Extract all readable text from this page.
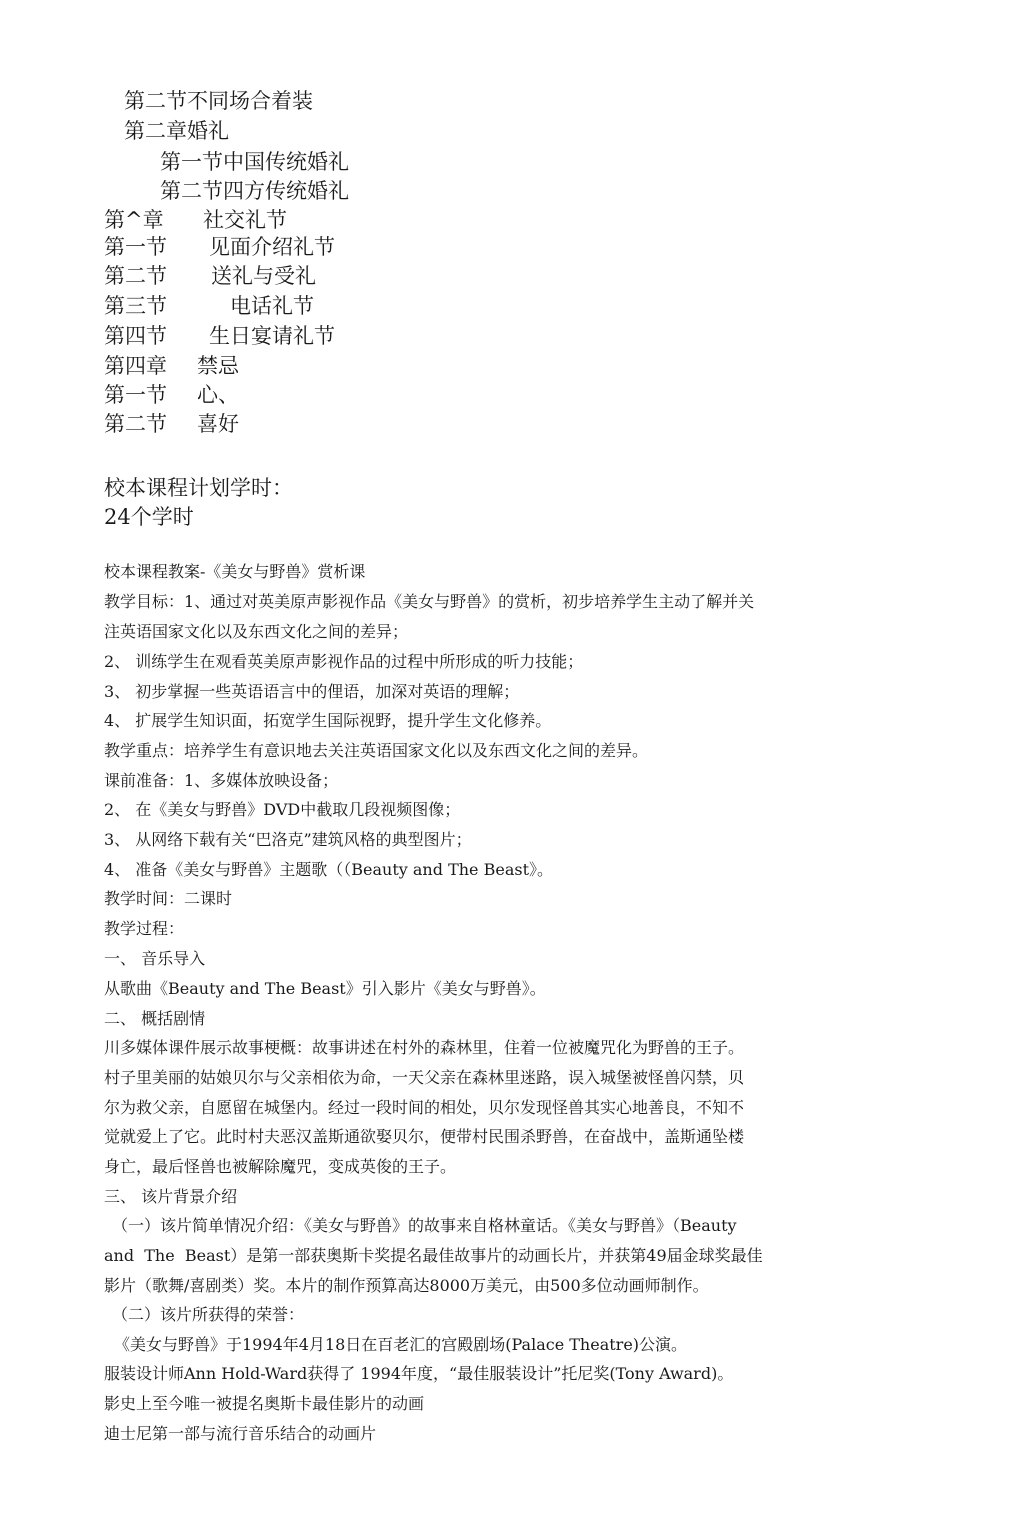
第二节不同场合着装
第二章婚礼
第一节中国传统婚礼
第二节四方传统婚礼
第^章 社交礼节
第一节 见面介绍礼节
第二节 送礼与受礼
第三节	电话礼节
第四节 生日宴请礼节
第四章 禁忌
第一节 心、
第二节 喜好
校本课程计划学时：
24个学时
校本课程教案-《美女与野兽》赏析课
教学目标：1、通过对英美原声影视作品《美女与野兽》的赏析，初步培养学生主动了解并关
注英语国家文化以及东西文化之间的差异；
2、 训练学生在观看英美原声影视作品的过程中所形成的听力技能；
3、 初步掌握一些英语语言中的俚语，加深对英语的理解；
4、 扩展学生知识面，拓宽学生国际视野，提升学生文化修养。
教学重点：培养学生有意识地去关注英语国家文化以及东西文化之间的差异。
课前准备：1、多媒体放映设备；
2、 在《美女与野兽》DVD中截取几段视频图像；
3、 从网络下载有关“巴洛克”建筑风格的典型图片；
4、 准备《美女与野兽》主题歌（（Beauty and The Beast》。
教学时间：二课时
教学过程：
一、 音乐导入
从歌曲《Beauty and The Beast》引入影片《美女与野兽》。
二、 概括剧情
川多媒体课件展示故事梗概：故事讲述在村外的森林里，住着一位被魔咒化为野兽的王子。
村子里美丽的姑娘贝尔与父亲相依为命，一天父亲在森林里迷路，误入城堡被怪兽闪禁，贝
尔为救父亲，自愿留在城堡内。经过一段时间的相处，贝尔发现怪兽其实心地善良，不知不
觉就爱上了它。此时村夫恶汉盖斯通欲娶贝尔，便带村民围杀野兽，在奋战中，盖斯通坠楼
身亡，最后怪兽也被解除魔咒，变成英俊的王子。
三、 该片背景介绍
（一）该片简单情况介绍：《美女与野兽》的故事来自格林童话。《美女与野兽》（Beauty
and  The  Beast）是第一部获奥斯卡奖提名最佳故事片的动画长片，并获第49届金球奖最佳
影片（歌舞/喜剧类）奖。本片的制作预算高达8000万美元，由500多位动画师制作。
（二）该片所获得的荣誉：
《美女与野兽》于1994年4月18日在百老汇的宫殿剧场(Palace Theatre)公演。
服装设计师Ann Hold-Ward获得了 1994年度，“最佳服装设计”托尼奖(Tony Award)。
影史上至今唯一被提名奥斯卡最佳影片的动画
迪士尼第一部与流行音乐结合的动画片
